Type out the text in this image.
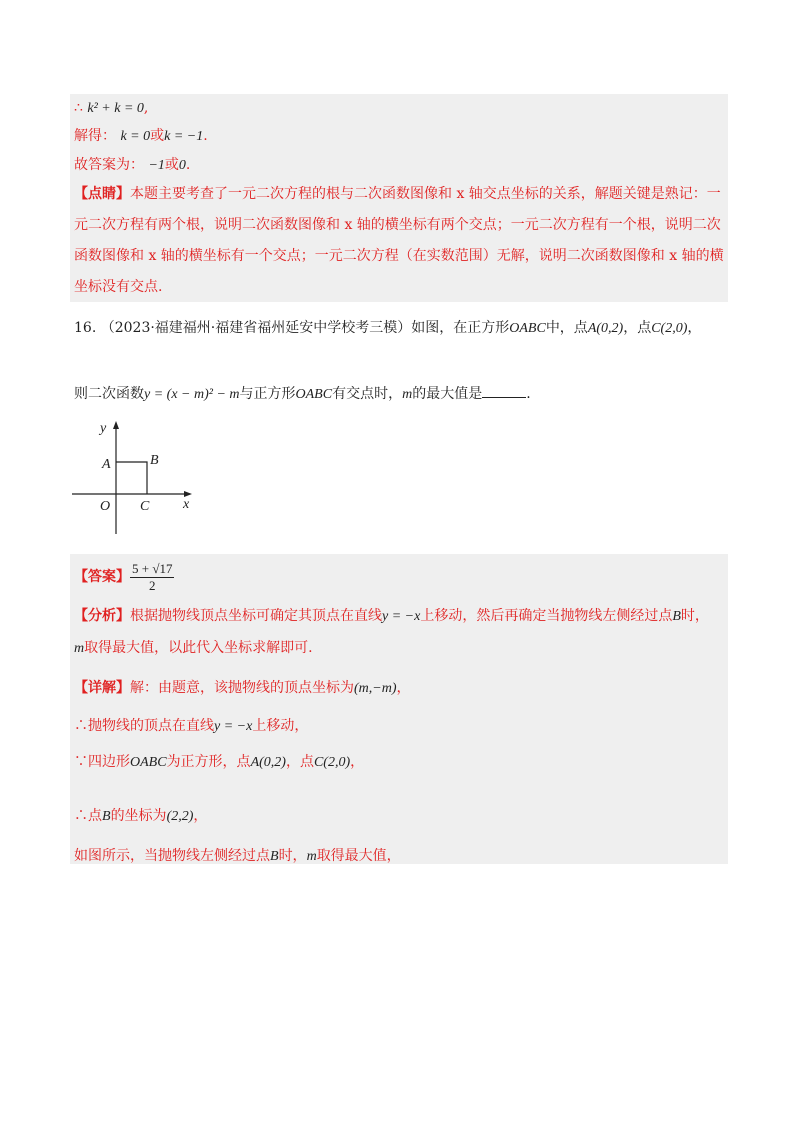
∴ k² + k = 0,
解得： k = 0或k = −1.
故答案为： −1或0.
【点睛】本题主要考查了一元二次方程的根与二次函数图像和 x 轴交点坐标的关系，解题关键是熟记：一
元二次方程有两个根，说明二次函数图像和 x 轴的横坐标有两个交点；一元二次方程有一个根，说明二次
函数图像和 x 轴的横坐标有一个交点；一元二次方程（在实数范围）无解，说明二次函数图像和 x 轴的横
坐标没有交点.
16. （2023·福建福州·福建省福州延安中学校考三模）如图，在正方形OABC中，点A(0,2)，点C(2,0)，
则二次函数y = (x − m)² − m与正方形OABC有交点时，m的最大值是	.
y
x
A	B
O C
【答案】 $\frac{5 + √17}{2}$
【分析】根据抛物线顶点坐标可确定其顶点在直线y = −x上移动，然后再确定当抛物线左侧经过点B时，
m取得最大值，以此代入坐标求解即可.
【详解】解：由题意，该抛物线的顶点坐标为(m,−m)，
∴抛物线的顶点在直线y = −x上移动，
∵四边形OABC为正方形，点A(0,2)，点C(2,0)，
∴点B的坐标为(2,2)，
如图所示，当抛物线左侧经过点B时，m取得最大值，
